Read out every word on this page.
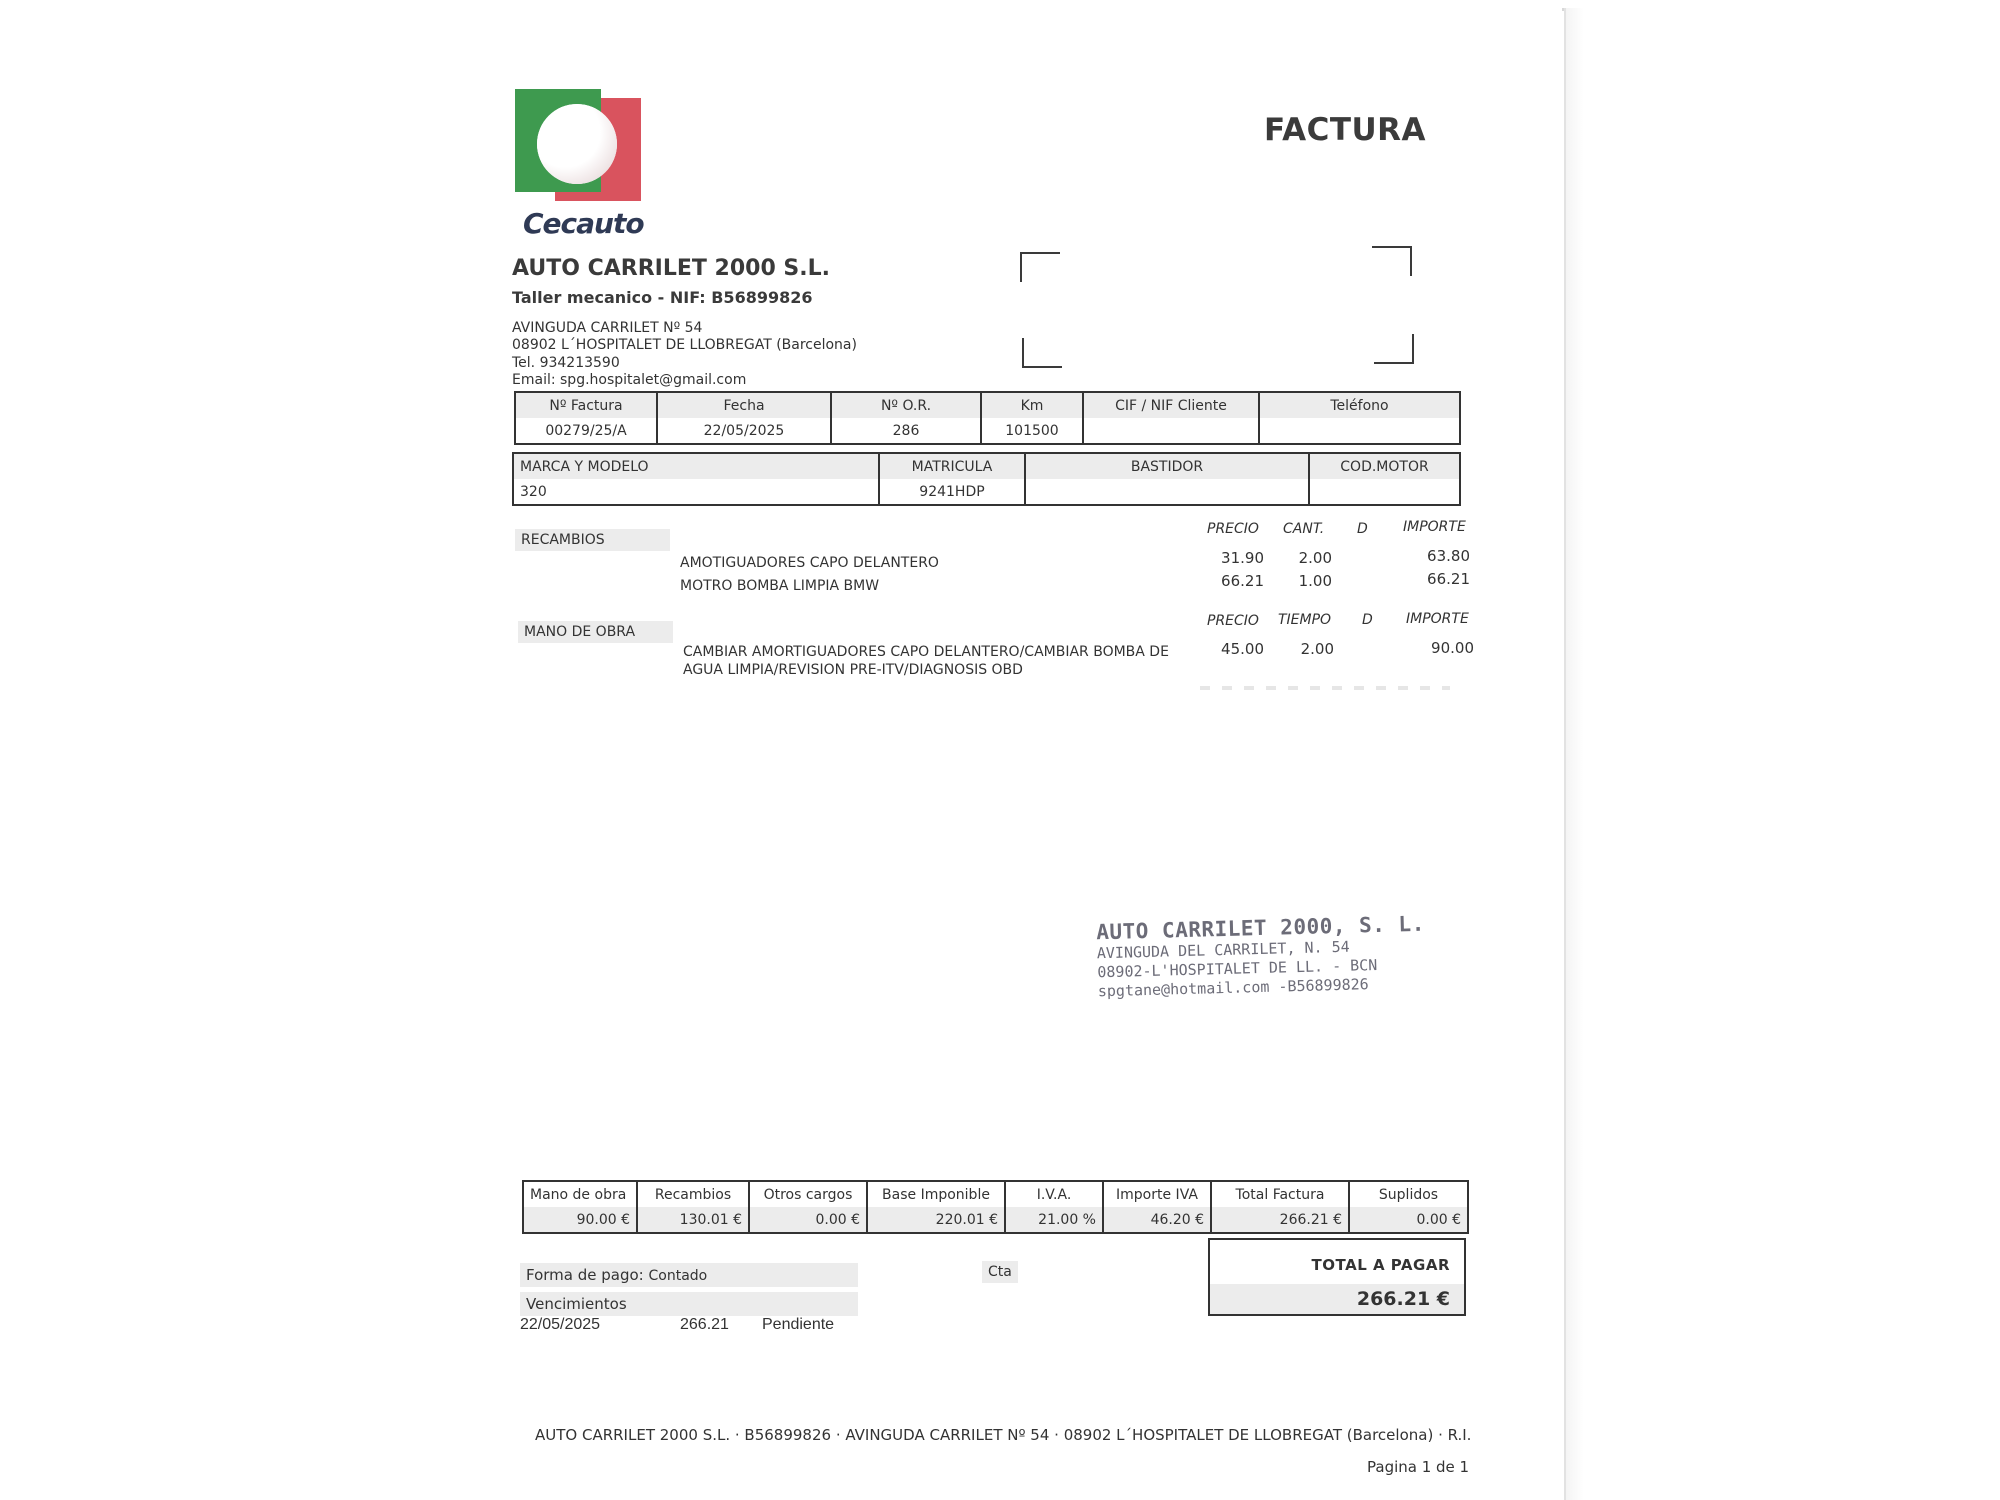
Cecauto
FACTURA
AUTO CARRILET 2000 S.L.
Taller mecanico - NIF: B56899826
AVINGUDA CARRILET Nº 54
08902 L´HOSPITALET DE LLOBREGAT (Barcelona)
Tel. 934213590
Email: spg.hospitalet@gmail.com
Nº Factura	Fecha	Nº O.R.	Km	CIF / NIF Cliente	Teléfono
00279/25/A	22/05/2025	286	101500		
MARCA Y MODELO	MATRICULA	BASTIDOR	COD.MOTOR
320	9241HDP		
RECAMBIOS
PRECIO CANT. D	IMPORTE
AMOTIGUADORES CAPO DELANTERO	31.90	2.00	63.80
MOTRO BOMBA LIMPIA BMW	66.21	1.00	66.21
MANO DE OBRA
PRECIO TIEMPO D IMPORTE
CAMBIAR AMORTIGUADORES CAPO DELANTERO/CAMBIAR BOMBA DE
AGUA LIMPIA/REVISION PRE-ITV/DIAGNOSIS OBD
45.00	2.00	90.00
AUTO CARRILET 2000, S. L.
AVINGUDA DEL CARRILET, N. 54
08902-L'HOSPITALET DE LL. - BCN
spgtane@hotmail.com -B56899826
Mano de obra	Recambios	Otros cargos	Base Imponible	I.V.A.	Importe IVA	Total Factura	Suplidos
90.00 €	130.01 €	0.00 €	220.01 €	21.00 %	46.20 €	266.21 €	0.00 €
Forma de pago: Contado	Cta
Vencimientos
22/05/2025	266.21 Pendiente
TOTAL A PAGAR
266.21 €
AUTO CARRILET 2000 S.L. · B56899826 · AVINGUDA CARRILET Nº 54 · 08902 L´HOSPITALET DE LLOBREGAT (Barcelona) · R.I.
Pagina 1 de 1
